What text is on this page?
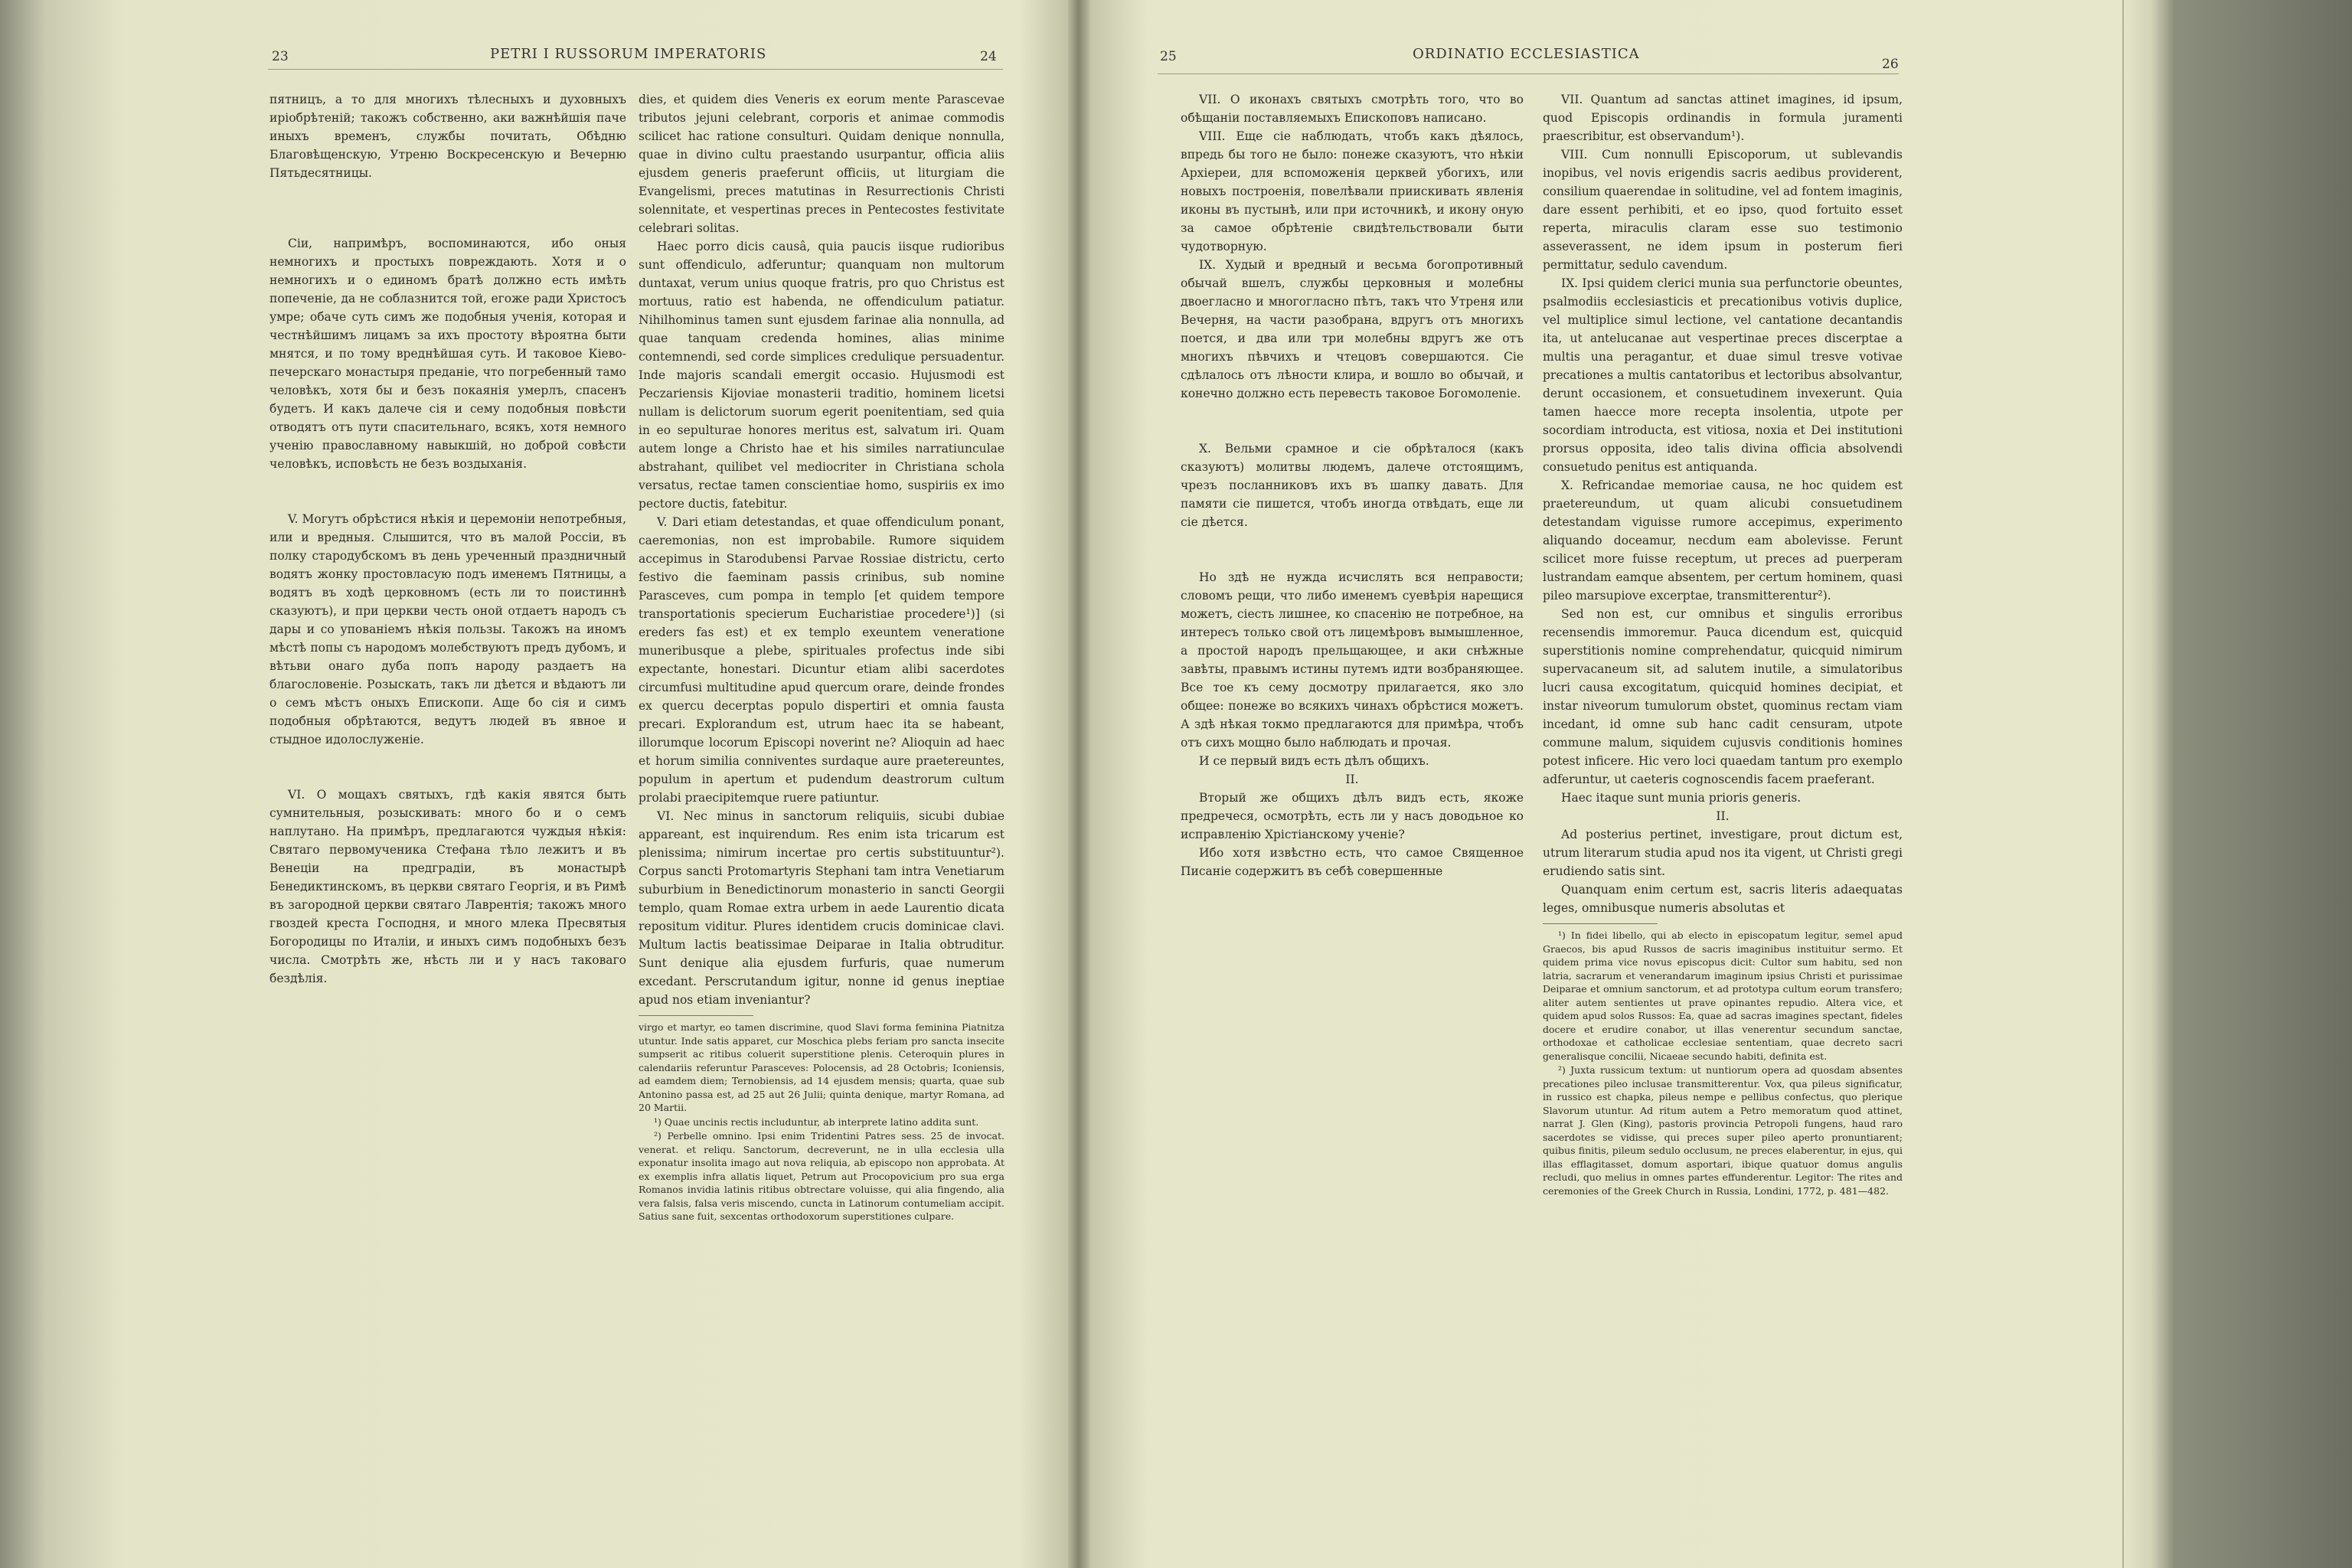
23	PETRI I RUSSORUM IMPERATORIS	24

пятницъ, а то для многихъ тѣлесныхъ и духовныхъ иріобрѣтеній; такожъ собственно, аки важнѣйшія паче иныхъ временъ, службы почитать, Обѣдню Благовѣщенскую, Утреню Воскресенскую и Вечерню Пятьдесятницы.

Сіи, напримѣръ, воспоминаются, ибо оныя немногихъ и простыхъ повреждають. Хотя и о немногихъ и о единомъ братѣ должно есть имѣть попеченіе, да не соблазнится той, егоже ради Христосъ умре; обаче суть симъ же подобныя ученія, которая и честнѣйшимъ лицамъ за ихъ простоту вѣроятна быти мнятся, и по тому вреднѣйшая суть. И таковое Кіево-печерскаго монастыря преданіе, что погребенный тамо человѣкъ, хотя бы и безъ покаянія умерлъ, спасенъ будетъ. И какъ далече сія и сему подобныя повѣсти отводятъ отъ пути спасительнаго, всякъ, хотя немного ученію православному навыкшій, но доброй совѣсти человѣкъ, исповѣсть не безъ воздыханія.

V. Могутъ обрѣстися нѣкія и церемоніи непотребныя, или и вредныя. Слышится, что въ малой Россіи, въ полку стародубскомъ въ день уреченный праздничный водятъ жонку простовласую подъ именемъ Пятницы, а водятъ въ ходѣ церковномъ (есть ли то поистиннѣ сказуютъ), и при церкви честь оной отдаетъ народъ съ дары и со упованіемъ нѣкія пользы. Такожъ на иномъ мѣстѣ попы съ народомъ молебствуютъ предъ дубомъ, и вѣтьви онаго дуба попъ народу раздаетъ на благословеніе. Розыскать, такъ ли дѣется и вѣдаютъ ли о семъ мѣстъ оныхъ Епископи. Аще бо сія и симъ подобныя обрѣтаются, ведутъ людей въ явное и стыдное идолослуженіе.

VI. О мощахъ святыхъ, гдѣ какія явятся быть сумнительныя, розыскивать: много бо и о семъ наплутано. На примѣръ, предлагаются чуждыя нѣкія: Святаго первомученика Стефана тѣло лежитъ и въ Венеціи на предградіи, въ монастырѣ Бенедиктинскомъ, въ церкви святаго Георгія, и въ Римѣ въ загородной церкви святаго Лаврентія; такожъ много гвоздей креста Господня, и много млека Пресвятыя Богородицы по Италіи, и иныхъ симъ подобныхъ безъ числа. Смотрѣть же, нѣсть ли и у насъ таковаго бездѣлія.

dies, et quidem dies Veneris ex eorum mente Parascevae tributos jejuni celebrant, corporis et animae commodis scilicet hac ratione consulturi. Quidam denique nonnulla, quae in divino cultu praestando usurpantur, officia aliis ejusdem generis praeferunt officiis, ut liturgiam die Evangelismi, preces matutinas in Resurrectionis Christi solennitate, et vespertinas preces in Pentecostes festivitate celebrari solitas.

Haec porro dicis causâ, quia paucis iisque rudioribus sunt offendiculo, adferuntur; quanquam non multorum duntaxat, verum unius quoque fratris, pro quo Christus est mortuus, ratio est habenda, ne offendiculum patiatur. Nihilhominus tamen sunt ejusdem farinae alia nonnulla, ad quae tanquam credenda homines, alias minime contemnendi, sed corde simplices credulique persuadentur. Inde majoris scandali emergit occasio. Hujusmodi est Peczariensis Kijoviae monasterii traditio, hominem licetsi nullam is delictorum suorum egerit poenitentiam, sed quia in eo sepulturae honores meritus est, salvatum iri. Quam autem longe a Christo hae et his similes narratiunculae abstrahant, quilibet vel mediocriter in Christiana schola versatus, rectae tamen conscientiae homo, suspiriis ex imo pectore ductis, fatebitur.

V. Dari etiam detestandas, et quae offendiculum ponant, caeremonias, non est improbabile. Rumore siquidem accepimus in Starodubensi Parvae Rossiae districtu, certo festivo die faeminam passis crinibus, sub nomine Parasceves, cum pompa in templo [et quidem tempore transportationis specierum Eucharistiae procedere¹)] (si ereders fas est) et ex templo exeuntem veneratione muneribusque a plebe, spirituales profectus inde sibi expectante, honestari. Dicuntur etiam alibi sacerdotes circumfusi multitudine apud quercum orare, deinde frondes ex quercu decerptas populo dispertiri et omnia fausta precari. Explorandum est, utrum haec ita se habeant, illorumque locorum Episcopi noverint ne? Alioquin ad haec et horum similia conniventes surdaque aure praetereuntes, populum in apertum et pudendum deastrorum cultum prolabi praecipitemque ruere patiuntur.

VI. Nec minus in sanctorum reliquiis, sicubi dubiae appareant, est inquirendum. Res enim ista tricarum est plenissima; nimirum incertae pro certis substituuntur²). Corpus sancti Protomartyris Stephani tam intra Venetiarum suburbium in Benedictinorum monasterio in sancti Georgii templo, quam Romae extra urbem in aede Laurentio dicata repositum viditur. Plures identidem crucis dominicae clavi. Multum lactis beatissimae Deiparae in Italia obtruditur. Sunt denique alia ejusdem furfuris, quae numerum excedant. Perscrutandum igitur, nonne id genus ineptiae apud nos etiam inveniantur?

virgo et martyr, eo tamen discrimine, quod Slavi forma feminina Piatnitza utuntur. Inde satis apparet, cur Moschica plebs feriam pro sancta insecite sumpserit ac ritibus coluerit superstitione plenis. Ceteroquin plures in calendariis referuntur Parasceves: Polocensis, ad 28 Octobris; Iconiensis, ad eamdem diem; Ternobiensis, ad 14 ejusdem mensis; quarta, quae sub Antonino passa est, ad 25 aut 26 Julii; quinta denique, martyr Romana, ad 20 Martii.

¹) Quae uncinis rectis includuntur, ab interprete latino addita sunt.

²) Perbelle omnino. Ipsi enim Tridentini Patres sess. 25 de invocat. venerat. et reliqu. Sanctorum, decreverunt, ne in ulla ecclesia ulla exponatur insolita imago aut nova reliquia, ab episcopo non approbata. At ex exemplis infra allatis liquet, Petrum aut Procopovicium pro sua erga Romanos invidia latinis ritibus obtrectare voluisse, qui alia fingendo, alia vera falsis, falsa veris miscendo, cuncta in Latinorum contumeliam accipit. Satius sane fuit, sexcentas orthodoxorum superstitiones culpare.

25	ORDINATIO ECCLESIASTICA
26

VII. О иконахъ святыхъ смотрѣть того, что во обѣщаніи поставляемыхъ Епископовъ написано.

VIII. Еще сіе наблюдать, чтобъ какъ дѣялось, впредь бы того не было: понеже сказуютъ, что нѣкіи Архіереи, для вспоможенія церквей убогихъ, или новыхъ построенія, повелѣвали приискивать явленія иконы въ пустынѣ, или при источникѣ, и икону оную за самое обрѣтеніе свидѣтельствовали быти чудотворную.

IX. Худый и вредный и весьма богопротивный обычай вшелъ, службы церковныя и молебны двоегласно и многогласно пѣтъ, такъ что Утреня или Вечерня, на части разобрана, вдругъ отъ многихъ поется, и два или три молебны вдругъ же отъ многихъ пѣвчихъ и чтецовъ совершаются. Сіе сдѣлалось отъ лѣности клира, и вошло во обычай, и конечно должно есть перевесть таковое Богомолеnie.

X. Вельми срамное и сіе обрѣталося (какъ сказуютъ) молитвы людемъ, далече отстоящимъ, чрезъ посланниковъ ихъ въ шапку давать. Для памяти сіе пишется, чтобъ иногда отвѣдать, еще ли сіе дѣется.

Но здѣ не нужда исчислять вся неправости; словомъ рещи, что либо именемъ суевѣрія нарещися можетъ, сіесть лишнее, ко спасенію не потребное, на интересъ только свой отъ лицемѣровъ вымышленное, а простой народъ прельщающее, и аки снѣжные завѣты, правымъ истины путемъ идти возбраняющее. Все тое къ сему досмотру прилагается, яко зло общее: понеже во всякихъ чинахъ обрѣстися можетъ. А здѣ нѣкая токмо предлагаются для примѣра, чтобъ отъ сихъ мощно было наблюдать и прочая.

И се первый видъ есть дѣлъ общихъ.

II.

Вторый же общихъ дѣлъ видъ есть, якоже предречеся, осмотрѣть, есть ли у насъ доводьное ко исправленію Хрістіанскому ученіе?

Ибо хотя извѣстно есть, что самое Священное Писаніе содержитъ въ себѣ совершенные

VII. Quantum ad sanctas attinet imagines, id ipsum, quod Episcopis ordinandis in formula juramenti praescribitur, est observandum¹).

VIII. Cum nonnulli Episcoporum, ut sublevandis inopibus, vel novis erigendis sacris aedibus providerent, consilium quaerendae in solitudine, vel ad fontem imaginis, dare essent perhibiti, et eo ipso, quod fortuito esset reperta, miraculis claram esse suo testimonio asseverassent, ne idem ipsum in posterum fieri permittatur, sedulo cavendum.

IX. Ipsi quidem clerici munia sua perfunctorie obeuntes, psalmodiis ecclesiasticis et precationibus votivis duplice, vel multiplice simul lectione, vel cantatione decantandis ita, ut antelucanae aut vespertinae preces discerptae a multis una peragantur, et duae simul tresve votivae precationes a multis cantatoribus et lectoribus absolvantur, derunt occasionem, et consuetudinem invexerunt. Quia tamen haecce more recepta insolentia, utpote per socordiam introducta, est vitiosa, noxia et Dei institutioni prorsus opposita, ideo talis divina officia absolvendi consuetudo penitus est antiquanda.

X. Refricandae memoriae causa, ne hoc quidem est praetereundum, ut quam alicubi consuetudinem detestandam viguisse rumore accepimus, experimento aliquando doceamur, necdum eam abolevisse. Ferunt scilicet more fuisse receptum, ut preces ad puerperam lustrandam eamque absentem, per certum hominem, quasi pileo marsupiove excerptae, transmitterentur²).

Sed non est, cur omnibus et singulis erroribus recensendis immoremur. Pauca dicendum est, quicquid superstitionis nomine comprehendatur, quicquid nimirum supervacaneum sit, ad salutem inutile, a simulatoribus lucri causa excogitatum, quicquid homines decipiat, et instar niveorum tumulorum obstet, quominus rectam viam incedant, id omne sub hanc cadit censuram, utpote commune malum, siquidem cujusvis conditionis homines potest inficere. Hic vero loci quaedam tantum pro exemplo adferuntur, ut caeteris cognoscendis facem praeferant.

Haec itaque sunt munia prioris generis.

II.

Ad posterius pertinet, investigare, prout dictum est, utrum literarum studia apud nos ita vigent, ut Christi gregi erudiendo satis sint.

Quanquam enim certum est, sacris literis adaequatas leges, omnibusque numeris absolutas et

¹) In fidei libello, qui ab electo in episcopatum legitur, semel apud Graecos, bis apud Russos de sacris imaginibus instituitur sermo. Et quidem prima vice novus episcopus dicit: Cultor sum habitu, sed non latria, sacrarum et venerandarum imaginum ipsius Christi et purissimae Deiparae et omnium sanctorum, et ad prototypa cultum eorum transfero; aliter autem sentientes ut prave opinantes repudio. Altera vice, et quidem apud solos Russos: Ea, quae ad sacras imagines spectant, fideles docere et erudire conabor, ut illas venerentur secundum sanctae, orthodoxae et catholicae ecclesiae sententiam, quae decreto sacri generalisque concilii, Nicaeae secundo habiti, definita est.

²) Juxta russicum textum: ut nuntiorum opera ad quosdam absentes precationes pileo inclusae transmitterentur. Vox, qua pileus significatur, in russico est chapka, pileus nempe e pellibus confectus, quo plerique Slavorum utuntur. Ad ritum autem a Petro memoratum quod attinet, narrat J. Glen (King), pastoris provincia Petropoli fungens, haud raro sacerdotes se vidisse, qui preces super pileo aperto pronuntiarent; quibus finitis, pileum sedulo occlusum, ne preces elaberentur, in ejus, qui illas efflagitasset, domum asportari, ibique quatuor domus angulis recludi, quo melius in omnes partes effunderentur. Legitor: The rites and ceremonies of the Greek Church in Russia, Londini, 1772, p. 481—482.
